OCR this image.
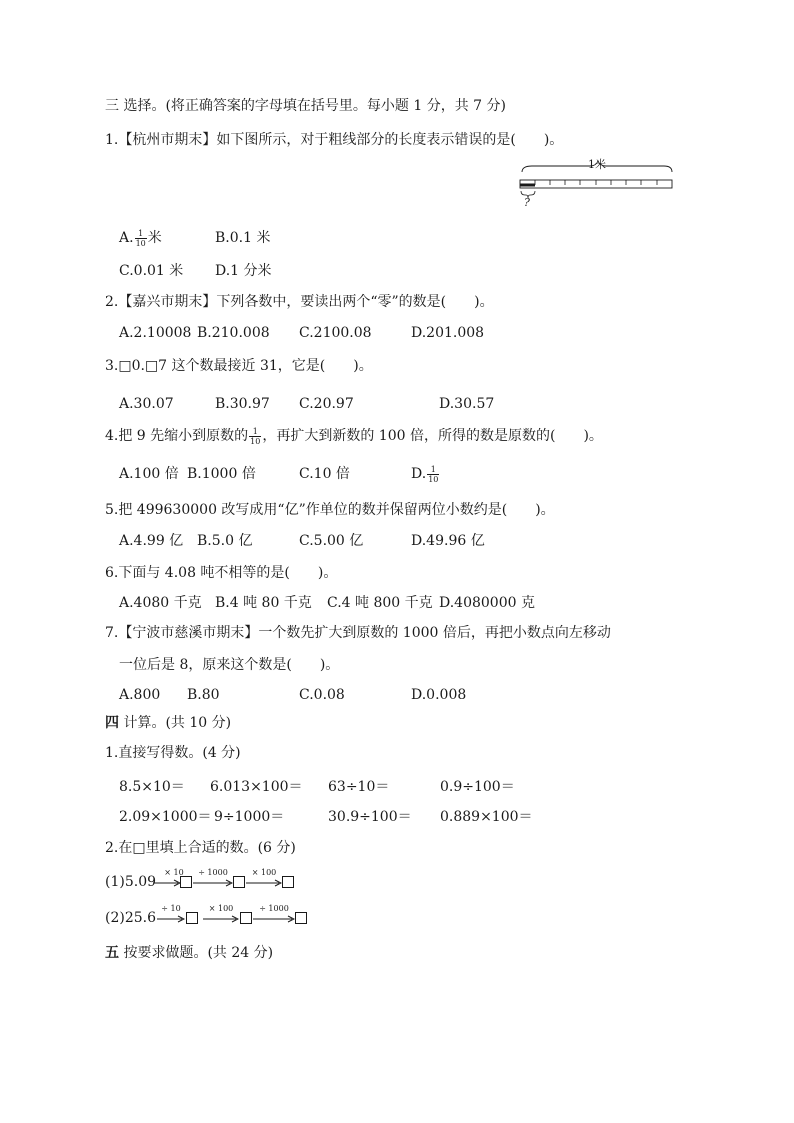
三 选择。(将正确答案的字母填在括号里。每小题 1 分，共 7 分)
1.【杭州市期末】如下图所示，对于粗线部分的长度表示错误的是(　　)。
1米
?
A. $\frac{1}{10}$ 米	B.0.1 米
C.0.01 米 D.1 分米
2.【嘉兴市期末】下列各数中，要读出两个“零”的数是(　　)。
A.2.10008 B.210.008 C.2100.08	D.201.008
3.□0.□7 这个数最接近 31，它是(　　)。
A.30.07	B.30.97 C.20.97	D.30.57
4.把 9 先缩小到原数的 $\frac{1}{10}$ ，再扩大到新数的 100 倍，所得的数是原数的(　　)。
A.100 倍 B.1000 倍	C.10 倍	D. $\frac{1}{10}$
5.把 499630000 改写成用“亿”作单位的数并保留两位小数约是(　　)。
A.4.99 亿 B.5.0 亿	C.5.00 亿	D.49.96 亿
6.下面与 4.08 吨不相等的是(　　)。
A.4080 千克 B.4 吨 80 千克 C.4 吨 800 千克 D.4080000 克
7.【宁波市慈溪市期末】一个数先扩大到原数的 1000 倍后，再把小数点向左移动
一位后是 8，原来这个数是(　　)。
A.800 B.80	C.0.08	D.0.008
四 计算。(共 10 分)
1.直接写得数。(4 分)
8.5×10＝ 6.013×100＝ 63÷10＝	0.9÷100＝
2.09×1000＝ 9÷1000＝	30.9÷100＝ 0.889×100＝
2.在□里填上合适的数。(6 分)
(1)5.09
× 10	÷ 1000	× 100
(2)25.6
÷ 10	× 100	÷ 1000
五 按要求做题。(共 24 分)
